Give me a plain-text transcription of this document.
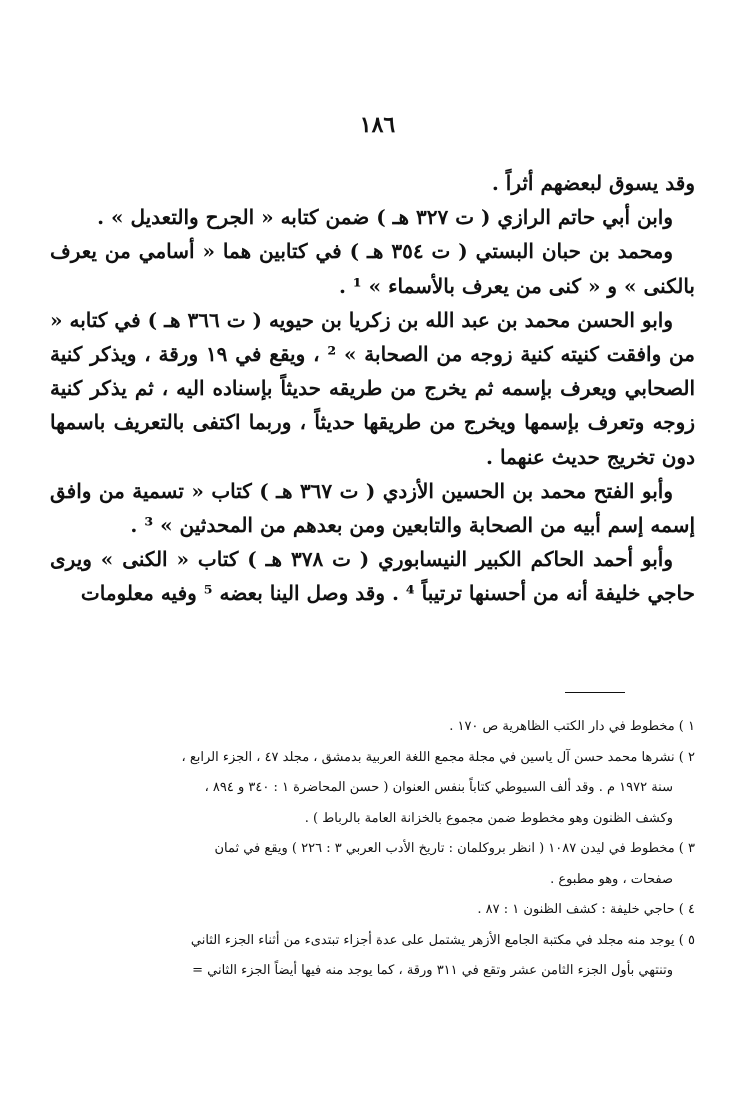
١٨٦

وقد يسوق لبعضهم أثراً .

وابن أبي حاتم الرازي ( ت ٣٢٧ هـ ) ضمن كتابه « الجرح والتعديل » .

ومحمد بن حبان البستي ( ت ٣٥٤ هـ ) في كتابين هما « أسامي من يعرف بالكنى » و « كنى من يعرف بالأسماء » ¹ .

وابو الحسن محمد بن عبد الله بن زكريا بن حيويه ( ت ٣٦٦ هـ ) في كتابه « من وافقت كنيته كنية زوجه من الصحابة » ² ، ويقع في ١٩ ورقة ، ويذكر كنية الصحابي ويعرف بإسمه ثم يخرج من طريقه حديثاً بإسناده اليه ، ثم يذكر كنية زوجه وتعرف بإسمها ويخرج من طريقها حديثاً ، وربما اكتفى بالتعريف باسمها دون تخريج حديث عنهما .

وأبو الفتح محمد بن الحسين الأزدي ( ت ٣٦٧ هـ ) كتاب « تسمية من وافق إسمه إسم أبيه من الصحابة والتابعين ومن بعدهم من المحدثين » ³ .

وأبو أحمد الحاكم الكبير النيسابوري ( ت ٣٧٨ هـ ) كتاب « الكنى » ويرى حاجي خليفة أنه من أحسنها ترتيباً ⁴ . وقد وصل الينا بعضه ⁵ وفيه معلومات

١ ) مخطوط في دار الكتب الظاهرية ص ١٧٠ .

٢ ) نشرها محمد حسن آل ياسين في مجلة مجمع اللغة العربية بدمشق ، مجلد ٤٧ ، الجزء الرابع ،

سنة ١٩٧٢ م . وقد ألف السيوطي كتاباً بنفس العنوان ( حسن المحاضرة ١ : ٣٤٠ و ٨٩٤ ،

وكشف الظنون وهو مخطوط ضمن مجموع بالخزانة العامة بالرباط ) .

٣ ) مخطوط في ليدن ١٠٨٧ ( انظر بروكلمان : تاريخ الأدب العربي ٣ : ٢٢٦ ) ويقع في ثمان

صفحات ، وهو مطبوع .

٤ ) حاجي خليفة : كشف الظنون ١ : ٨٧ .

٥ ) يوجد منه مجلد في مكتبة الجامع الأزهر يشتمل على عدة أجزاء تبتدىء من أثناء الجزء الثاني

وتنتهي بأول الجزء الثامن عشر وتقع في ٣١١ ورقة ، كما يوجد منه فيها أيضاً الجزء الثاني =
